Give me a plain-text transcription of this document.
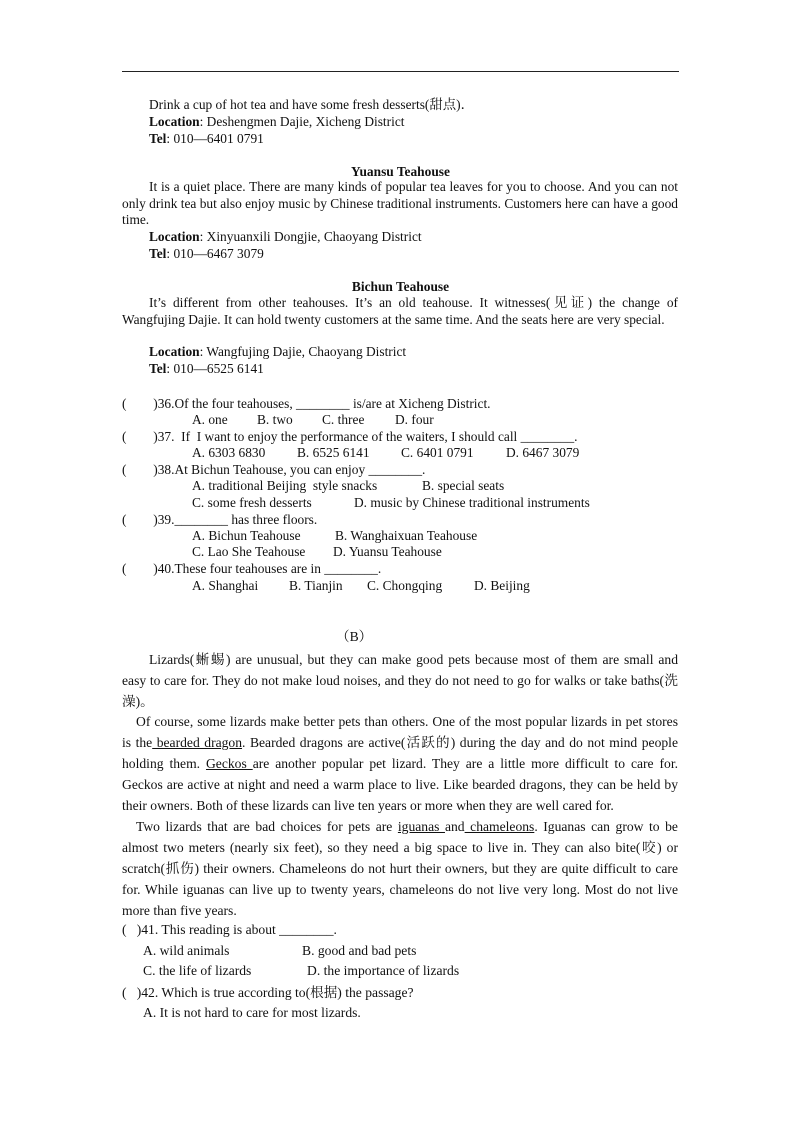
Drink a cup of hot tea and have some fresh desserts(甜点)．
Location: Deshengmen Dajie, Xicheng District
Tel: 010—6401 0791
Yuansu Teahouse
It is a quiet place. There are many kinds of popular tea leaves for you to choose. And you can not only drink tea but also enjoy music by Chinese traditional instruments. Customers here can have a good time.
Location: Xinyuanxili Dongjie, Chaoyang District
Tel: 010—6467 3079
Bichun Teahouse
It’s different from other teahouses. It’s an old teahouse. It witnesses(见证) the change of Wangfujing Dajie. It can hold twenty customers at the same time. And the seats here are very special.
Location: Wangfujing Dajie, Chaoyang District
Tel: 010—6525 6141
(　　)36.Of the four teahouses, ________ is/are at Xicheng District.
A. one B. two C. three D. four
(　　)37.  If  I want to enjoy the performance of the waiters, I should call ________.
A. 6303 6830 B. 6525 6141 C. 6401 0791 D. 6467 3079
(　　)38.At Bichun Teahouse, you can enjoy ________.
A. traditional Beijing  style snacks	B. special seats
C. some fresh desserts	D. music by Chinese traditional instruments
(　　)39.________ has three floors.
A. Bichun Teahouse	B. Wanghaixuan Teahouse
C. Lao She Teahouse D. Yuansu Teahouse
(　　)40.These four teahouses are in ________.
A. Shanghai B. Tianjin C. Chongqing D. Beijing
（B）
Lizards(蜥蜴) are unusual, but they can make good pets because most of them are small and easy to care for. They do not make loud noises, and they do not need to go for walks or take baths(洗澡)。
Of course, some lizards make better pets than others. One of the most popular lizards in pet stores is the bearded dragon. Bearded dragons are active(活跃的) during the day and do not mind people holding them. Geckos are another popular pet lizard. They are a little more difficult to care for. Geckos are active at night and need a warm place to live. Like bearded dragons, they can be held by their owners. Both of these lizards can live ten years or more when they are well cared for.
Two lizards that are bad choices for pets are iguanas and chameleons. Iguanas can grow to be almost two meters (nearly six feet), so they need a big space to live in. They can also bite(咬) or scratch(抓伤) their owners. Chameleons do not hurt their owners, but they are quite difficult to care for. While iguanas can live up to twenty years, chameleons do not live very long. Most do not live more than five years.
(   )41. This reading is about ________.
A. wild animals	B. good and bad pets
C. the life of lizards	D. the importance of lizards
(   )42. Which is true according to(根据) the passage?
A. It is not hard to care for most lizards.
